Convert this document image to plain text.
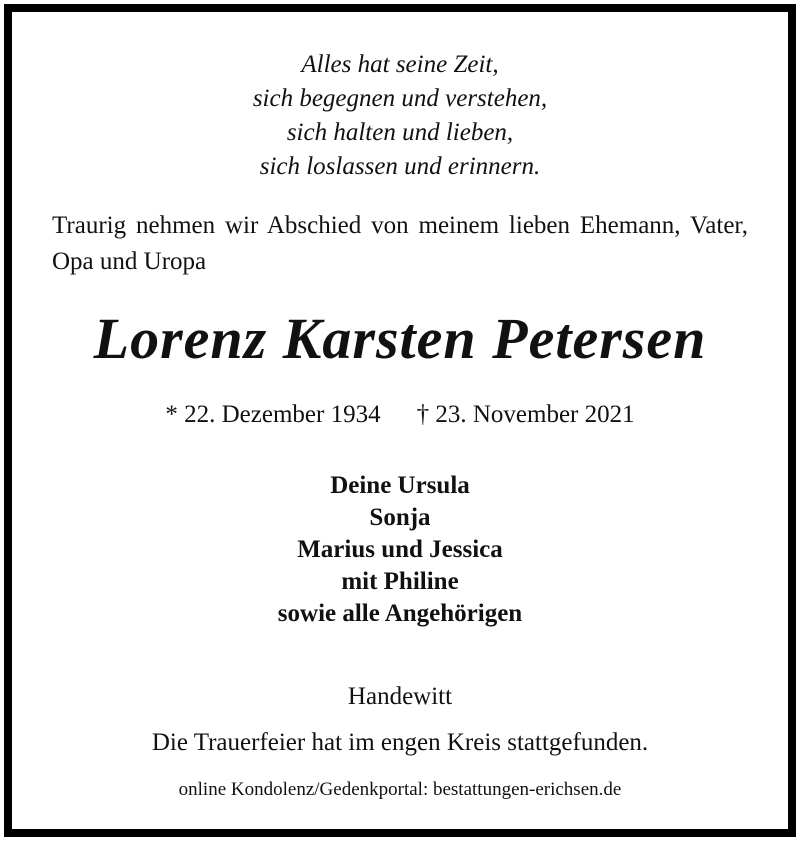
Alles hat seine Zeit,
sich begegnen und verstehen,
sich halten und lieben,
sich loslassen und erinnern.
Traurig nehmen wir Abschied von meinem lieben Ehemann, Vater, Opa und Uropa
Lorenz Karsten Petersen
* 22. Dezember 1934 † 23. November 2021
Deine Ursula
Sonja
Marius und Jessica
mit Philine
sowie alle Angehörigen
Handewitt
Die Trauerfeier hat im engen Kreis stattgefunden.
online Kondolenz/Gedenkportal: bestattungen-erichsen.de
